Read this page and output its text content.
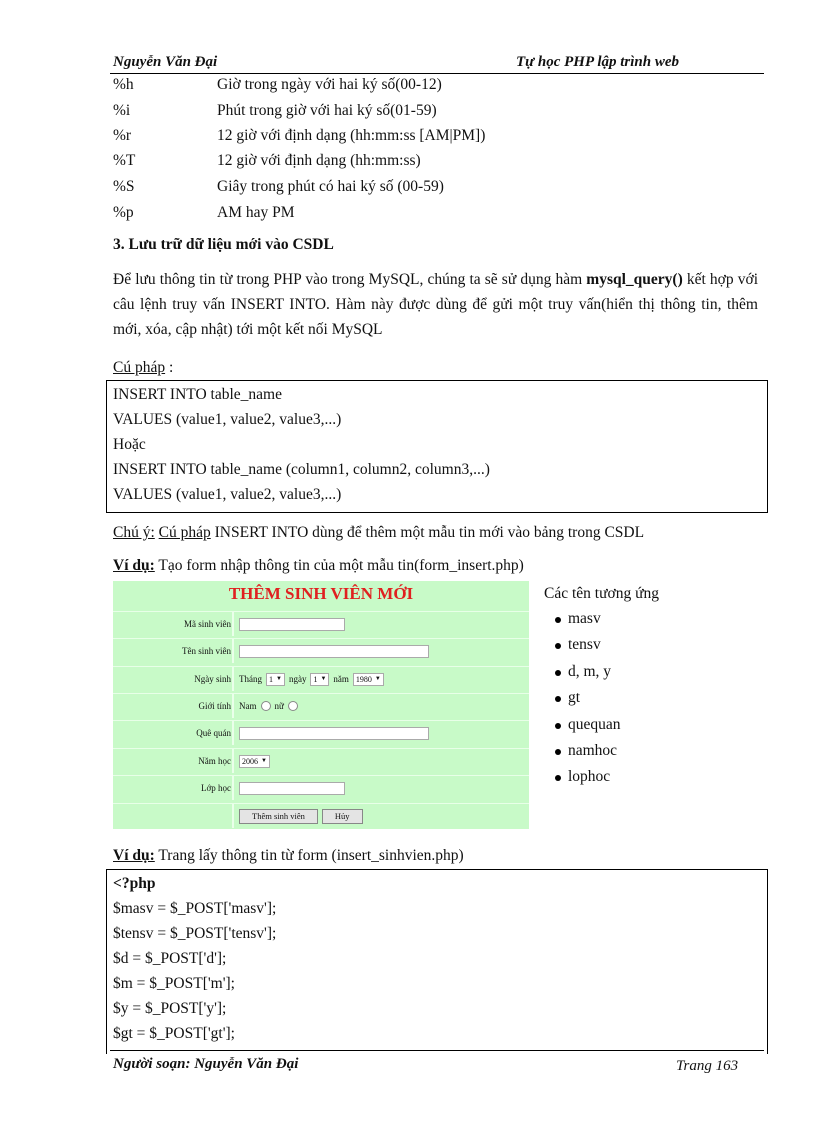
Nguyễn Văn Đại	Tự học PHP lập trình web
%h	Giờ trong ngày với hai ký số(00-12)
%i	Phút trong giờ với hai ký số(01-59)
%r	12 giờ với định dạng (hh:mm:ss [AM|PM])
%T	12 giờ với định dạng (hh:mm:ss)
%S	Giây trong phút có hai ký số (00-59)
%p	AM hay PM
3. Lưu trữ dữ liệu mới vào CSDL
Để lưu thông tin từ trong PHP vào trong MySQL, chúng ta sẽ sử dụng hàm mysql_query() kết hợp với câu lệnh truy vấn INSERT INTO. Hàm này được dùng để gửi một truy vấn(hiển thị thông tin, thêm mới, xóa, cập nhật) tới một kết nối MySQL
Cú pháp :
INSERT INTO table_name
VALUES (value1, value2, value3,...)
Hoặc
INSERT INTO table_name (column1, column2, column3,...)
VALUES (value1, value2, value3,...)
Chú ý: Cú pháp INSERT INTO dùng để thêm một mẫu tin mới vào bảng trong CSDL
Ví dụ: Tạo form nhập thông tin của một mẫu tin(form_insert.php)
THÊM SINH VIÊN MỚI
Mã sinh viên
Tên sinh viên
Ngày sinh Tháng 1 ▼ ngày 1 ▼ năm 1980 ▼
Giới tính Nam nữ
Quê quán
Năm học 2006 ▼
Lớp học
Thêm sinh viên	Hủy
Các tên tương ứng
masv
tensv
d, m, y
gt
quequan
namhoc
lophoc
Ví dụ: Trang lấy thông tin từ form (insert_sinhvien.php)
<?php
$masv = $_POST['masv'];
$tensv = $_POST['tensv'];
$d = $_POST['d'];
$m = $_POST['m'];
$y = $_POST['y'];
$gt = $_POST['gt'];
Người soạn: Nguyễn Văn Đại	Trang 163
